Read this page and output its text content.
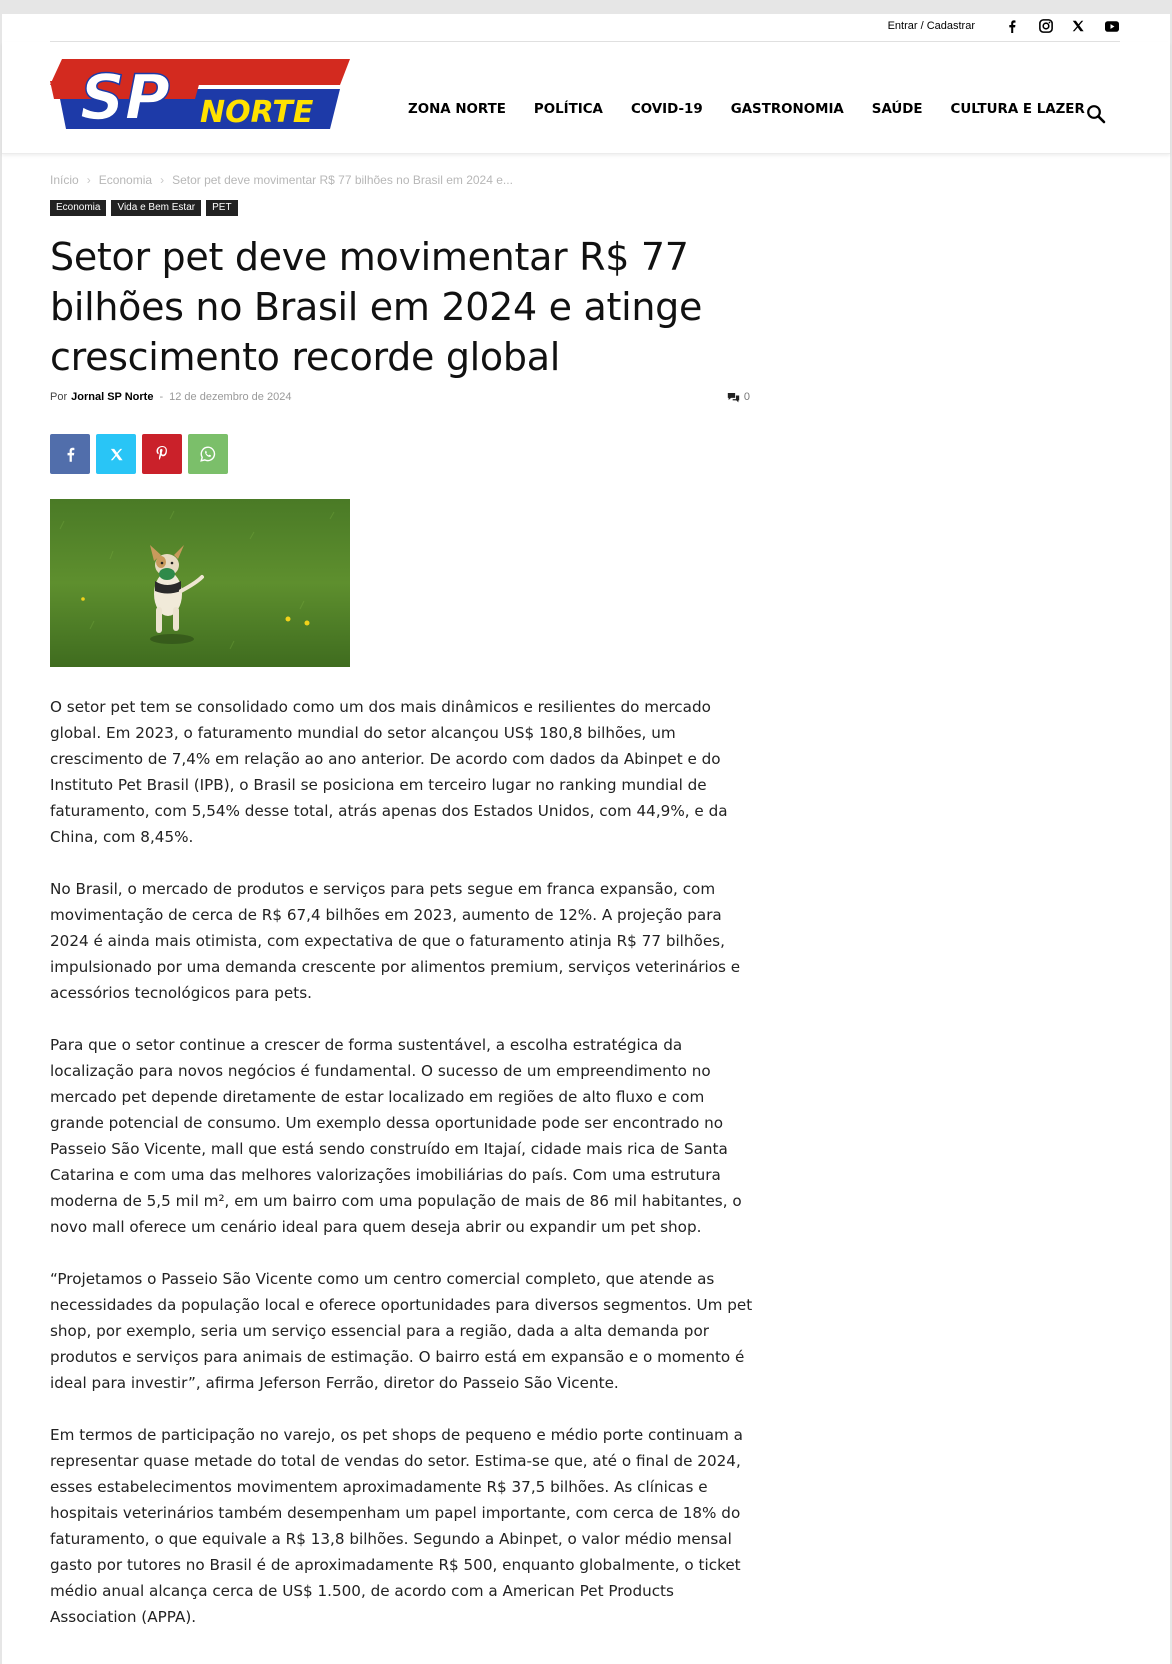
Entrar / Cadastrar
SP NORTE	ZONA NORTE POLÍTICA COVID-19 GASTRONOMIA SAÚDE CULTURA E LAZER
Início › Economia › Setor pet deve movimentar R$ 77 bilhões no Brasil em 2024 e...
Economia	Vida e Bem Estar	PET
Setor pet deve movimentar R$ 77 bilhões no Brasil em 2024 e atinge crescimento recorde global
Por Jornal SP Norte - 12 de dezembro de 2024	0

O setor pet tem se consolidado como um dos mais dinâmicos e resilientes do mercado global. Em 2023, o faturamento mundial do setor alcançou US$ 180,8 bilhões, um crescimento de 7,4% em relação ao ano anterior. De acordo com dados da Abinpet e do Instituto Pet Brasil (IPB), o Brasil se posiciona em terceiro lugar no ranking mundial de faturamento, com 5,54% desse total, atrás apenas dos Estados Unidos, com 44,9%, e da China, com 8,45%.

No Brasil, o mercado de produtos e serviços para pets segue em franca expansão, com movimentação de cerca de R$ 67,4 bilhões em 2023, aumento de 12%. A projeção para 2024 é ainda mais otimista, com expectativa de que o faturamento atinja R$ 77 bilhões, impulsionado por uma demanda crescente por alimentos premium, serviços veterinários e acessórios tecnológicos para pets.

Para que o setor continue a crescer de forma sustentável, a escolha estratégica da localização para novos negócios é fundamental. O sucesso de um empreendimento no mercado pet depende diretamente de estar localizado em regiões de alto fluxo e com grande potencial de consumo. Um exemplo dessa oportunidade pode ser encontrado no Passeio São Vicente, mall que está sendo construído em Itajaí, cidade mais rica de Santa Catarina e com uma das melhores valorizações imobiliárias do país. Com uma estrutura moderna de 5,5 mil m², em um bairro com uma população de mais de 86 mil habitantes, o novo mall oferece um cenário ideal para quem deseja abrir ou expandir um pet shop.

“Projetamos o Passeio São Vicente como um centro comercial completo, que atende as necessidades da população local e oferece oportunidades para diversos segmentos. Um pet shop, por exemplo, seria um serviço essencial para a região, dada a alta demanda por produtos e serviços para animais de estimação. O bairro está em expansão e o momento é ideal para investir”, afirma Jeferson Ferrão, diretor do Passeio São Vicente.

Em termos de participação no varejo, os pet shops de pequeno e médio porte continuam a representar quase metade do total de vendas do setor. Estima-se que, até o final de 2024, esses estabelecimentos movimentem aproximadamente R$ 37,5 bilhões. As clínicas e hospitais veterinários também desempenham um papel importante, com cerca de 18% do faturamento, o que equivale a R$ 13,8 bilhões. Segundo a Abinpet, o valor médio mensal gasto por tutores no Brasil é de aproximadamente R$ 500, enquanto globalmente, o ticket médio anual alcança cerca de US$ 1.500, de acordo com a American Pet Products Association (APPA).
